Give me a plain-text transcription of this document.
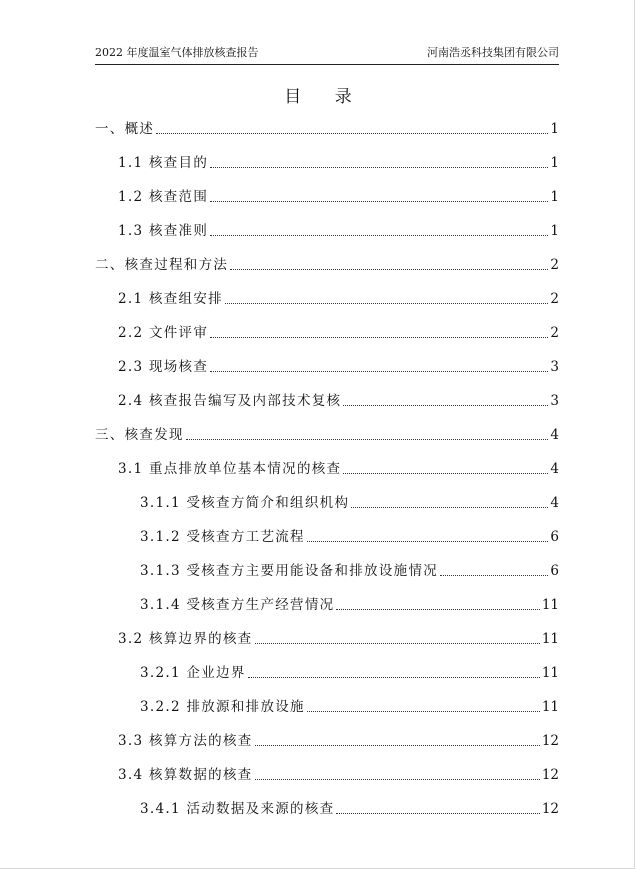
2022 年度温室气体排放核查报告	河南浩丞科技集团有限公司
目 录
一、概述	1
1.1 核查目的	1
1.2 核查范围	1
1.3 核查准则	1
二、核查过程和方法	2
2.1 核查组安排	2
2.2 文件评审	2
2.3 现场核查	3
2.4 核查报告编写及内部技术复核	3
三、核查发现	4
3.1 重点排放单位基本情况的核查	4
3.1.1 受核查方简介和组织机构	4
3.1.2 受核查方工艺流程	6
3.1.3 受核查方主要用能设备和排放设施情况	6
3.1.4 受核查方生产经营情况	11
3.2 核算边界的核查	11
3.2.1 企业边界	11
3.2.2 排放源和排放设施	11
3.3 核算方法的核查	12
3.4 核算数据的核查	12
3.4.1 活动数据及来源的核查	12
